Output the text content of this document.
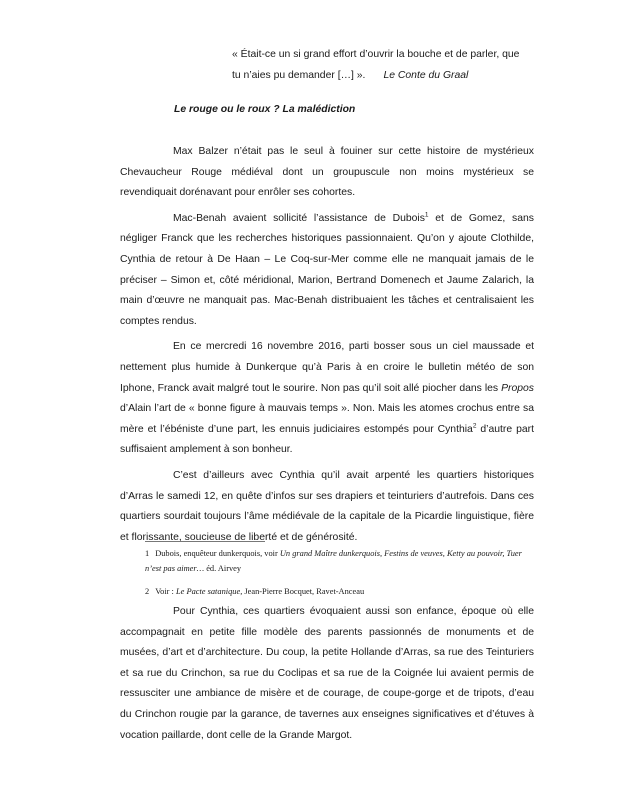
« Était-ce un si grand effort d’ouvrir la bouche et de parler, que
tu n’aies pu demander […] ». Le Conte du Graal
Le rouge ou le roux ? La malédiction

Max Balzer n’était pas le seul à fouiner sur cette histoire de mystérieux Chevaucheur Rouge médiéval dont un groupuscule non moins mystérieux se revendiquait dorénavant pour enrôler ses cohortes.

Mac-Benah avaient sollicité l’assistance de Dubois$^1$ et de Gomez, sans négliger Franck que les recherches historiques passionnaient. Qu’on y ajoute Clothilde, Cynthia de retour à De Haan – Le Coq-sur-Mer comme elle ne manquait jamais de le préciser – Simon et, côté méridional, Marion, Bertrand Domenech et Jaume Zalarich, la main d’œuvre ne manquait pas. Mac-Benah distribuaient les tâches et centralisaient les comptes rendus.

En ce mercredi 16 novembre 2016, parti bosser sous un ciel maussade et nettement plus humide à Dunkerque qu’à Paris à en croire le bulletin météo de son Iphone, Franck avait malgré tout le sourire. Non pas qu’il soit allé piocher dans les Propos d’Alain l’art de « bonne figure à mauvais temps ». Non. Mais les atomes crochus entre sa mère et l’ébéniste d’une part, les ennuis judiciaires estompés pour Cynthia$^2$ d’autre part suffisaient amplement à son bonheur.

C’est d’ailleurs avec Cynthia qu’il avait arpenté les quartiers historiques d’Arras le samedi 12, en quête d’infos sur ses drapiers et teinturiers d’autrefois. Dans ces quartiers sourdait toujours l’âme médiévale de la capitale de la Picardie linguistique, fière et florissante, soucieuse de liberté et de générosité.

1 Dubois, enquêteur dunkerquois, voir Un grand Maître dunkerquois, Festins de veuves, Ketty au pouvoir, Tuer n’est pas aimer… éd. Airvey
2 Voir : Le Pacte satanique, Jean-Pierre Bocquet, Ravet-Anceau

Pour Cynthia, ces quartiers évoquaient aussi son enfance, époque où elle accompagnait en petite fille modèle des parents passionnés de monuments et de musées, d’art et d’architecture. Du coup, la petite Hollande d’Arras, sa rue des Teinturiers et sa rue du Crinchon, sa rue du Coclipas et sa rue de la Coignée lui avaient permis de ressusciter une ambiance de misère et de courage, de coupe-gorge et de tripots, d’eau du Crinchon rougie par la garance, de tavernes aux enseignes significatives et d’étuves à vocation paillarde, dont celle de la Grande Margot.
